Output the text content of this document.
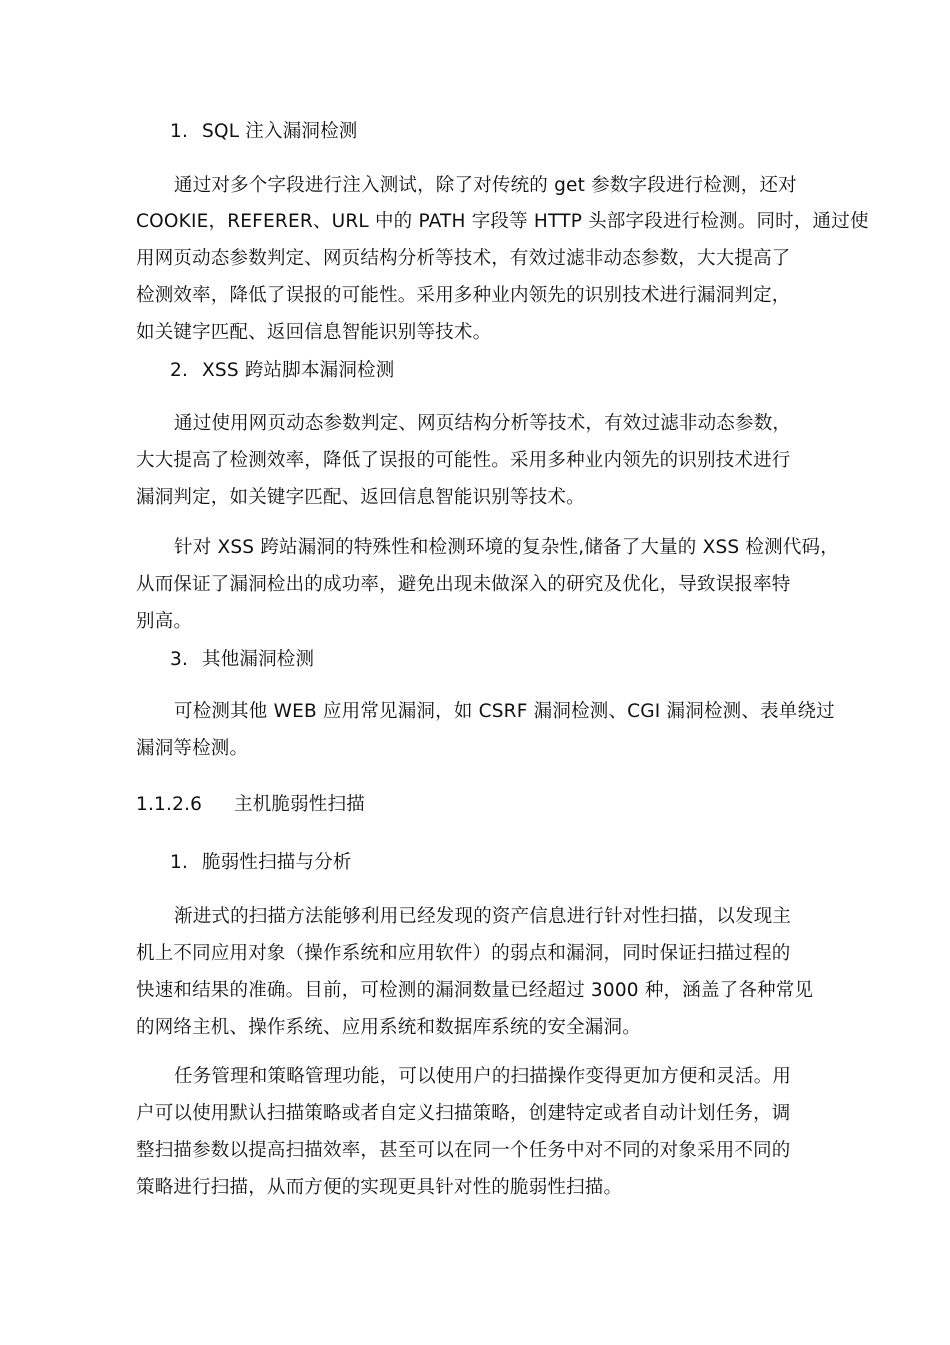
1. SQL 注入漏洞检测
通过对多个字段进行注入测试，除了对传统的 get 参数字段进行检测，还对
COOKIE，REFERER、URL 中的 PATH 字段等 HTTP 头部字段进行检测。同时，通过使
用网页动态参数判定、网页结构分析等技术，有效过滤非动态参数，大大提高了
检测效率，降低了误报的可能性。采用多种业内领先的识别技术进行漏洞判定，
如关键字匹配、返回信息智能识别等技术。
2. XSS 跨站脚本漏洞检测
通过使用网页动态参数判定、网页结构分析等技术，有效过滤非动态参数，
大大提高了检测效率，降低了误报的可能性。采用多种业内领先的识别技术进行
漏洞判定，如关键字匹配、返回信息智能识别等技术。
针对 XSS 跨站漏洞的特殊性和检测环境的复杂性,储备了大量的 XSS 检测代码，
从而保证了漏洞检出的成功率，避免出现未做深入的研究及优化，导致误报率特
别高。
3. 其他漏洞检测
可检测其他 WEB 应用常见漏洞，如 CSRF 漏洞检测、CGI 漏洞检测、表单绕过
漏洞等检测。
1.1.2.6 主机脆弱性扫描
1. 脆弱性扫描与分析
渐进式的扫描方法能够利用已经发现的资产信息进行针对性扫描，以发现主
机上不同应用对象（操作系统和应用软件）的弱点和漏洞，同时保证扫描过程的
快速和结果的准确。目前，可检测的漏洞数量已经超过 3000 种，涵盖了各种常见
的网络主机、操作系统、应用系统和数据库系统的安全漏洞。
任务管理和策略管理功能，可以使用户的扫描操作变得更加方便和灵活。用
户可以使用默认扫描策略或者自定义扫描策略，创建特定或者自动计划任务，调
整扫描参数以提高扫描效率，甚至可以在同一个任务中对不同的对象采用不同的
策略进行扫描，从而方便的实现更具针对性的脆弱性扫描。
